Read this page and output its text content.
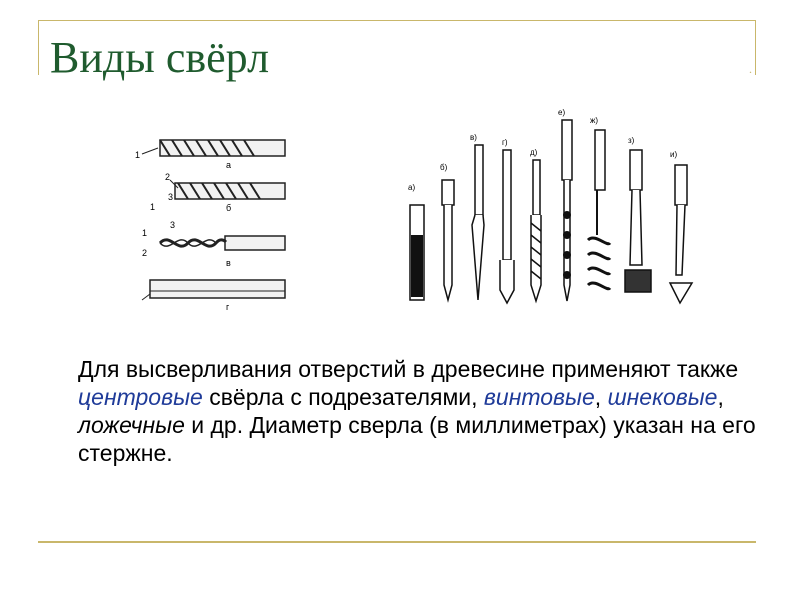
Виды свёрл	.
1
а
2
3
1	б
3
1
2
в
г
а)
б)
в)
г)
д)
е)
ж)
з)
и)
Для высверливания отверстий в древесине применяют также центровые свёрла с подрезателями, винтовые, шнековые, ложечные и др. Диаметр сверла (в миллиметрах) указан на его стержне.
